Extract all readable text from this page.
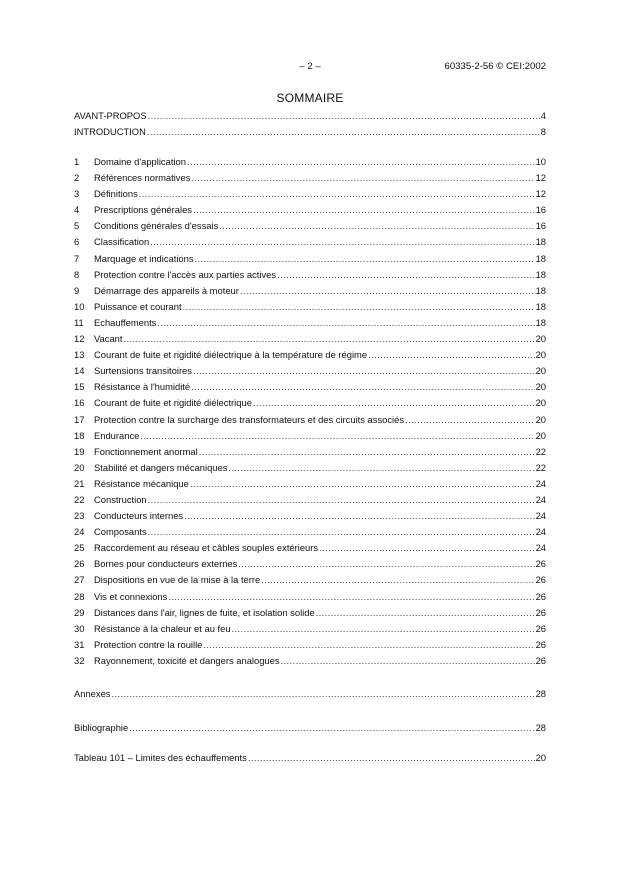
– 2 –	60335-2-56 © CEI:2002
SOMMAIRE
AVANT-PROPOS .....	4
INTRODUCTION .....	8
1	Domaine d'application .....	10
2	Références normatives .....	12
3	Définitions .....	12
4	Prescriptions générales .....	16
5	Conditions générales d'essais .....	16
6	Classification .....	18
7	Marquage et indications .....	18
8	Protection contre l'accès aux parties actives .....	18
9	Démarrage des appareils à moteur .....	18
10	Puissance et courant .....	18
11	Echauffements .....	18
12	Vacant .....	20
13	Courant de fuite et rigidité diélectrique à la température de régime .....	20
14	Surtensions transitoires .....	20
15	Résistance à l'humidité .....	20
16	Courant de fuite et rigidité diélectrique .....	20
17	Protection contre la surcharge des transformateurs et des circuits associés .....	20
18	Endurance .....	20
19	Fonctionnement anormal .....	22
20	Stabilité et dangers mécaniques .....	22
21	Résistance mécanique .....	24
22	Construction .....	24
23	Conducteurs internes .....	24
24	Composants .....	24
25	Raccordement au réseau et câbles souples extérieurs .....	24
26	Bornes pour conducteurs externes .....	26
27	Dispositions en vue de la mise à la terre .....	26
28	Vis et connexions .....	26
29	Distances dans l'air, lignes de fuite, et isolation solide .....	26
30	Résistance à la chaleur et au feu .....	26
31	Protection contre la rouille .....	26
32	Rayonnement, toxicité et dangers analogues .....	26
Annexes .....	28
Bibliographie .....	28
Tableau 101 – Limites des échauffements .....	20
